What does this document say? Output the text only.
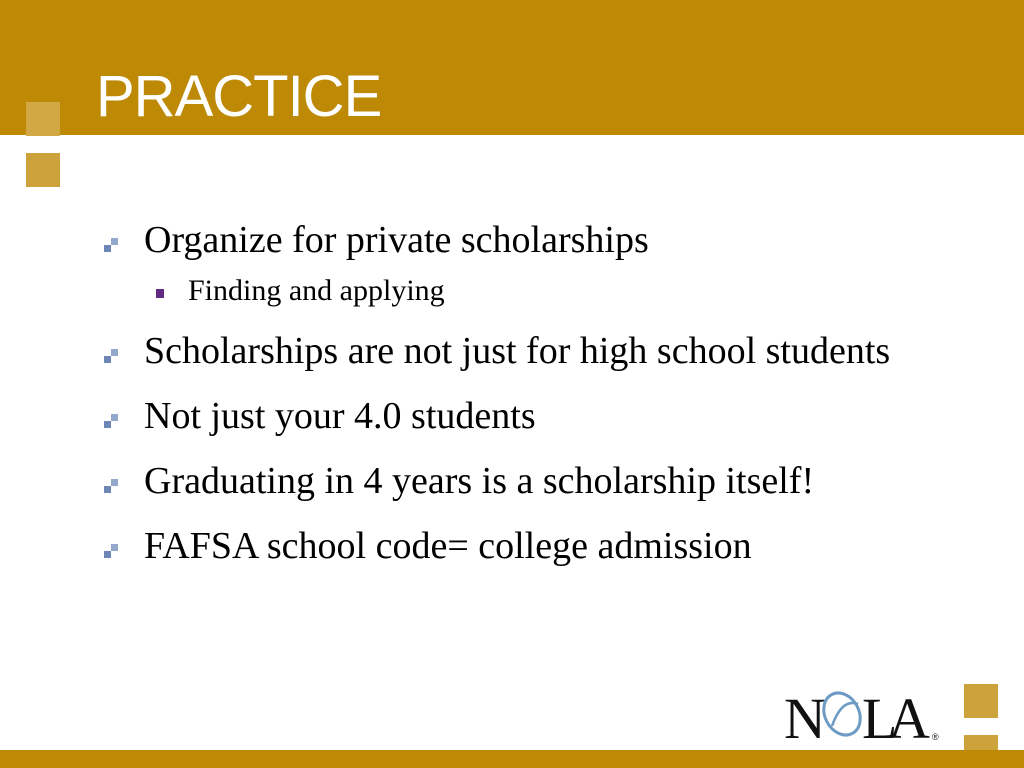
PRACTICE
Organize for private scholarships
Finding and applying
Scholarships are not just for high school students
Not just your 4.0 students
Graduating in 4 years is a scholarship itself!
FAFSA school code= college admission
N L
A ®
